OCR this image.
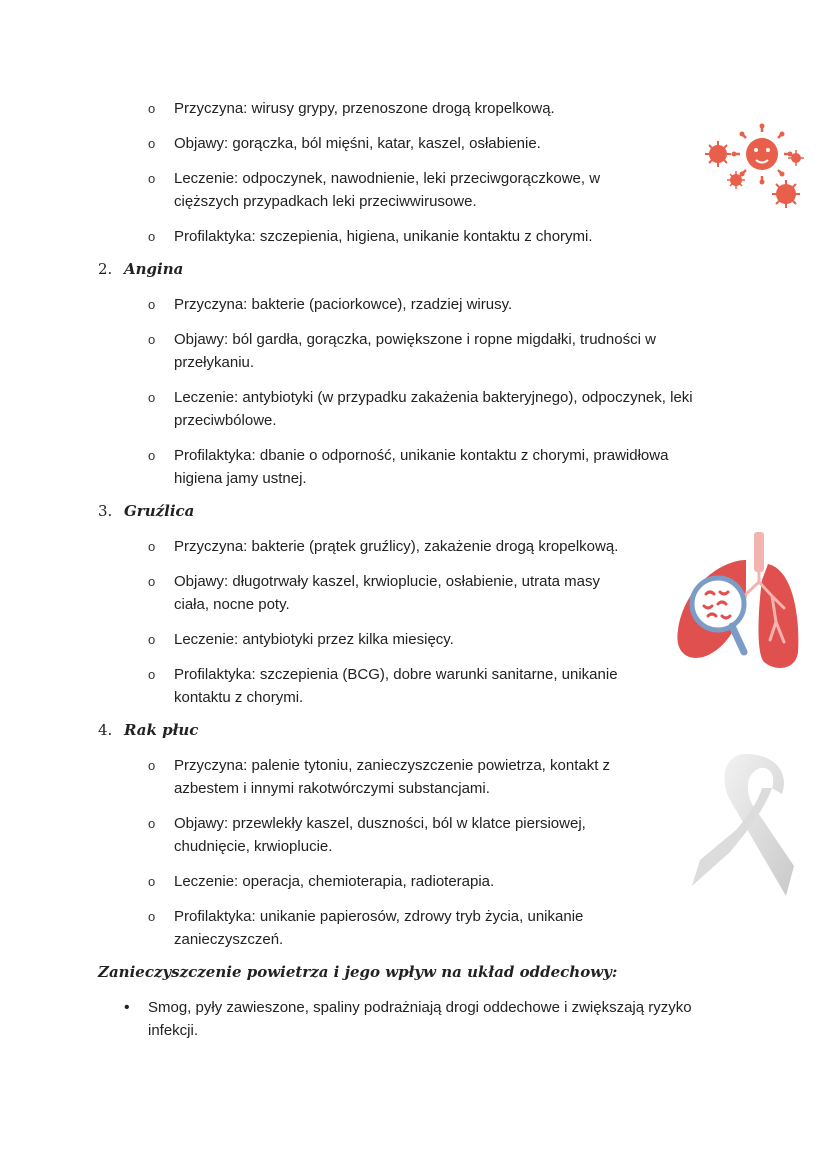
o Przyczyna: wirusy grypy, przenoszone drogą kropelkową.
o Objawy: gorączka, ból mięśni, katar, kaszel, osłabienie.
o Leczenie: odpoczynek, nawodnienie, leki przeciwgorączkowe, w
cięższych przypadkach leki przeciwwirusowe.
o Profilaktyka: szczepienia, higiena, unikanie kontaktu z chorymi.
2. Angina
o Przyczyna: bakterie (paciorkowce), rzadziej wirusy.
o Objawy: ból gardła, gorączka, powiększone i ropne migdałki, trudności w
przełykaniu.
o Leczenie: antybiotyki (w przypadku zakażenia bakteryjnego), odpoczynek, leki
przeciwbólowe.
o Profilaktyka: dbanie o odporność, unikanie kontaktu z chorymi, prawidłowa
higiena jamy ustnej.
3. Gruźlica
o Przyczyna: bakterie (prątek gruźlicy), zakażenie drogą kropelkową.
o Objawy: długotrwały kaszel, krwioplucie, osłabienie, utrata masy
ciała, nocne poty.
o Leczenie: antybiotyki przez kilka miesięcy.
o Profilaktyka: szczepienia (BCG), dobre warunki sanitarne, unikanie
kontaktu z chorymi.
4. Rak płuc
o Przyczyna: palenie tytoniu, zanieczyszczenie powietrza, kontakt z
azbestem i innymi rakotwórczymi substancjami.
o Objawy: przewlekły kaszel, duszności, ból w klatce piersiowej,
chudnięcie, krwioplucie.
o Leczenie: operacja, chemioterapia, radioterapia.
o Profilaktyka: unikanie papierosów, zdrowy tryb życia, unikanie
zanieczyszczeń.
Zanieczyszczenie powietrza i jego wpływ na układ oddechowy:
• Smog, pyły zawieszone, spaliny podrażniają drogi oddechowe i zwiększają ryzyko
infekcji.
